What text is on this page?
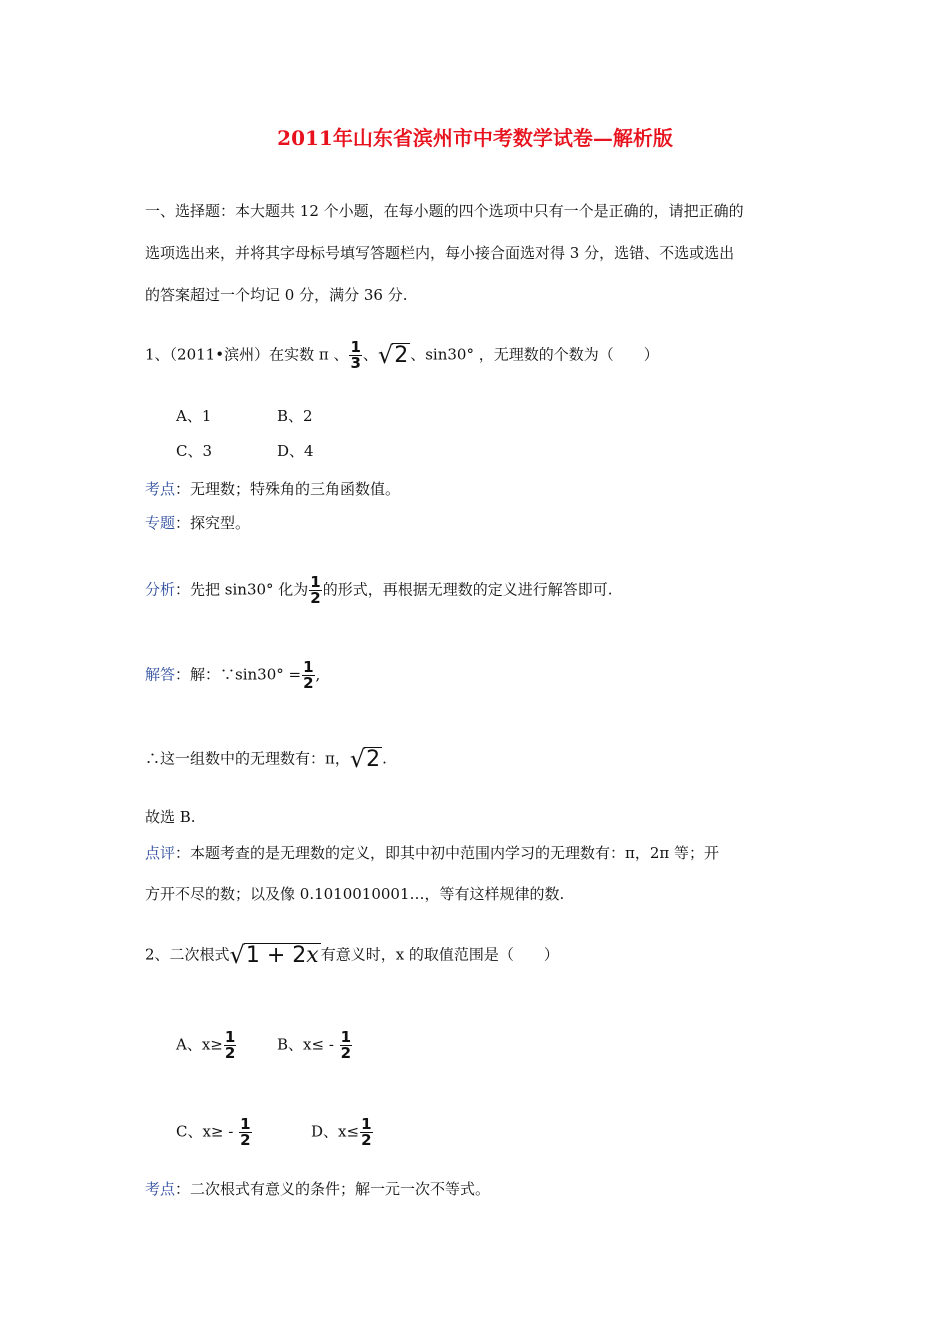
2011年山东省滨州市中考数学试卷—解析版
一、选择题：本大题共 12 个小题，在每小题的四个选项中只有一个是正确的，请把正确的
选项选出来，并将其字母标号填写答题栏内，每小接合面选对得 3 分，选错、不选或选出
的答案超过一个均记 0 分，满分 36 分.
1、（2011•滨州）在实数 π 、 $\frac{1}{3}$ 、 √ 2 、sin30° ，无理数的个数为（　　）
A、1	B、2
C、3	D、4
考点：无理数；特殊角的三角函数值。
专题：探究型。
分析：先把 sin30° 化为 $\frac{1}{2}$ 的形式，再根据无理数的定义进行解答即可.
解答：解：∵sin30° = $\frac{1}{2}$ ,
∴这一组数中的无理数有：π， √ 2 .
故选 B.
点评：本题考查的是无理数的定义，即其中初中范围内学习的无理数有：π，2π 等；开
方开不尽的数；以及像 0.1010010001…，等有这样规律的数.
2、二次根式 √ 1 + 2x 有意义时，x 的取值范围是（　　）
A、$x\ge \frac{1}{2}$	B、$x\le - \frac{1}{2}$
C、$x\ge - \frac{1}{2}$	D、$x\le \frac{1}{2}$
考点：二次根式有意义的条件；解一元一次不等式。
